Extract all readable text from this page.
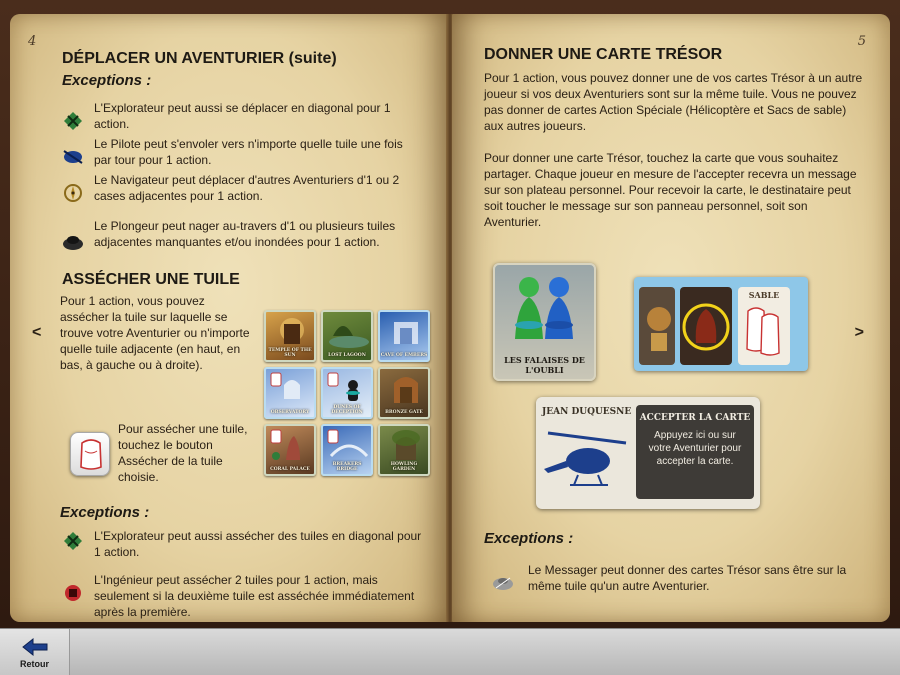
4
DÉPLACER UN AVENTURIER (suite)
Exceptions :
L'Explorateur peut aussi se déplacer en diagonal pour 1 action.
Le Pilote peut s'envoler vers n'importe quelle tuile une fois par tour pour 1 action.
Le Navigateur peut déplacer d'autres Aventuriers d'1 ou 2 cases adjacentes pour 1 action.
Le Plongeur peut nager au-travers d'1 ou plusieurs tuiles adjacentes manquantes et/ou inondées pour 1 action.
ASSÉCHER UNE TUILE
Pour 1 action, vous pouvez assécher la tuile sur laquelle se trouve votre Aventurier ou n'importe quelle tuile adjacente (en haut, en bas, à gauche ou à droite).
TEMPLE OF THE SUN	LOST LAGOON	CAVE OF EMBERS
OBSERVATORY
DUNES OF DECEPTION	BRONZE GATE
CORAL PALACE
BREAKERS BRIDGE
HOWLING GARDEN
Pour assécher une tuile, touchez le bouton Assécher de la tuile choisie.
Exceptions :
L'Explorateur peut aussi assécher des tuiles en diagonal pour 1 action.
L'Ingénieur peut assécher 2 tuiles pour 1 action, mais seulement si la deuxième tuile est asséchée immédiatement après la première.
<
5
DONNER UNE CARTE TRÉSOR
Pour 1 action, vous pouvez donner une de vos cartes Trésor à un autre joueur si vos deux Aventuriers sont sur la même tuile. Vous ne pouvez pas donner de cartes Action Spéciale (Hélicoptère et Sacs de sable) aux autres joueurs.
Pour donner une carte Trésor, touchez la carte que vous souhaitez partager. Chaque joueur en mesure de l'accepter recevra un message sur son plateau personnel. Pour recevoir la carte, le destinataire peut soit toucher le message sur son panneau personnel, soit son Aventurier.
LES FALAISES DE L'OUBLI
SABLE
JEAN DUQUESNE
ACCEPTER LA CARTE
Appuyez ici ou sur votre Aventurier pour accepter la carte.
Exceptions :
Le Messager peut donner des cartes Trésor sans être sur la même tuile qu'un autre Aventurier.
>
Retour
